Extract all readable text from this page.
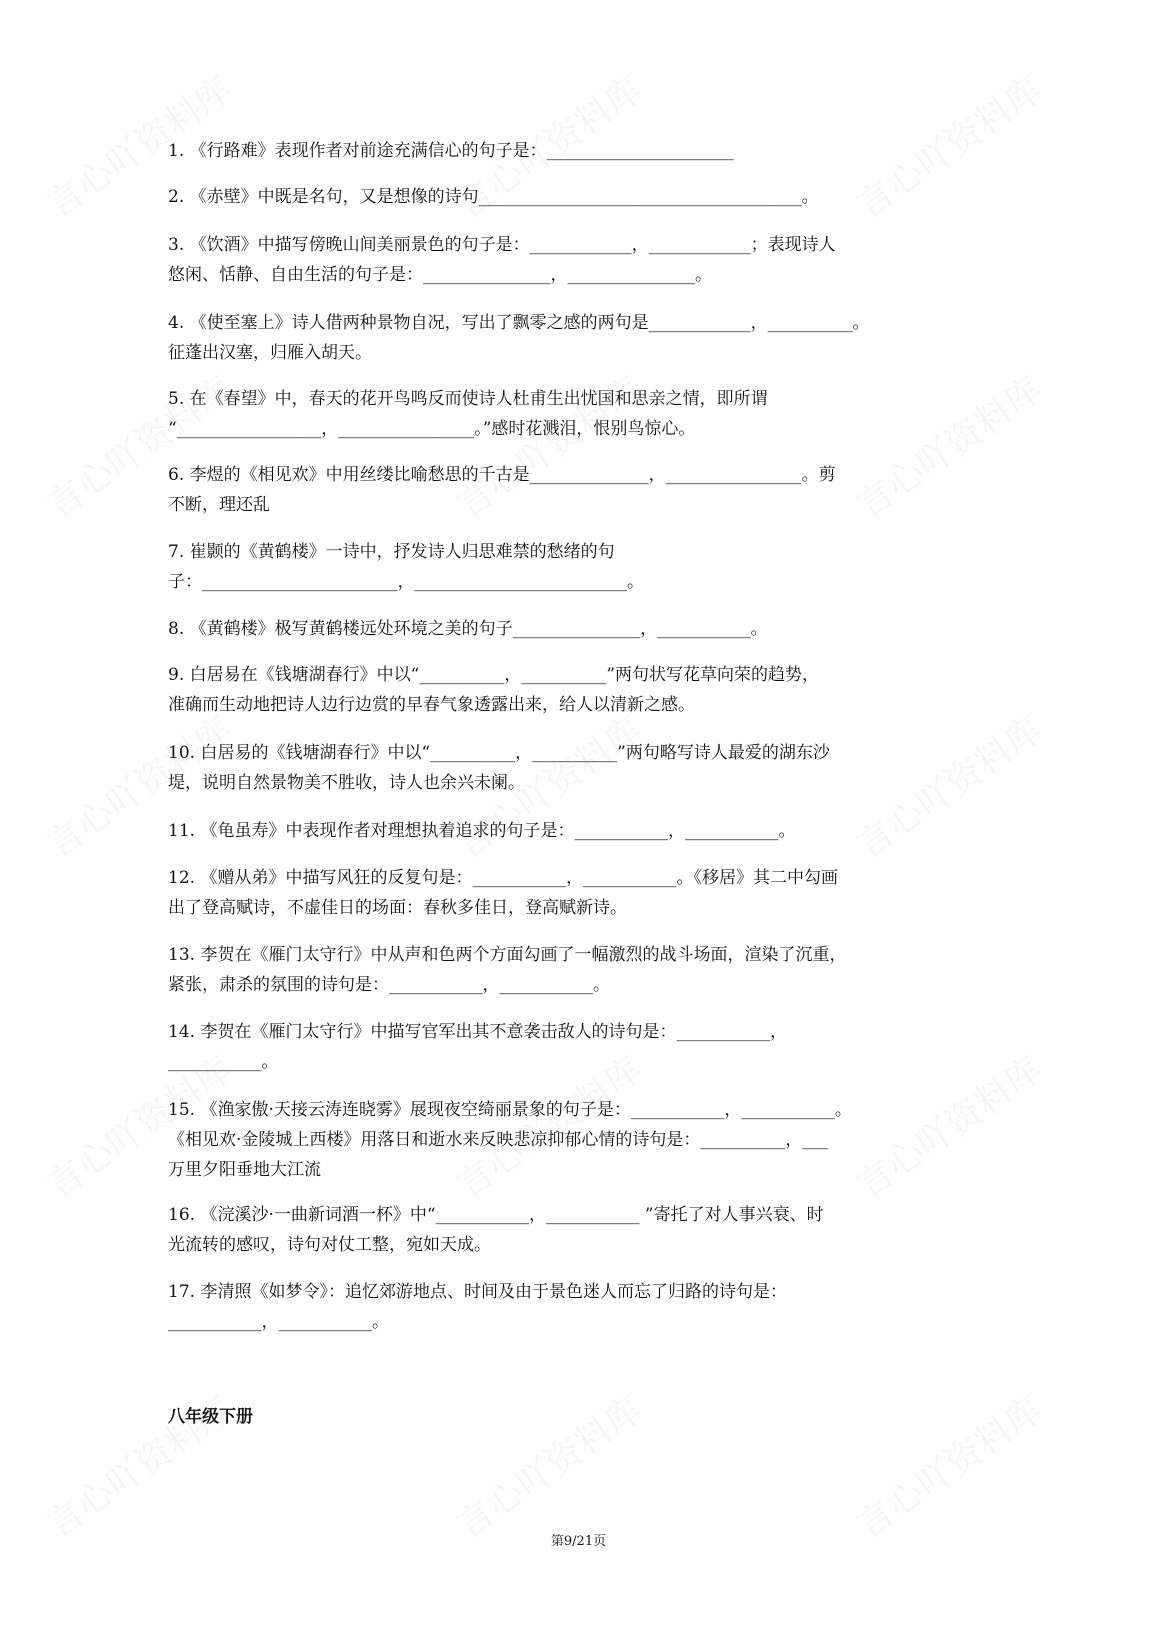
1. 《行路难》表现作者对前途充满信心的句子是：______________________
2. 《赤壁》中既是名句，又是想像的诗句______________________________________。
3. 《饮酒》中描写傍晚山间美丽景色的句子是：____________，____________；表现诗人
悠闲、恬静、自由生活的句子是：_______________，_______________。
4. 《使至塞上》诗人借两种景物自况，写出了飘零之感的两句是____________，__________。
征蓬出汉塞，归雁入胡天。
5. 在《春望》中，春天的花开鸟鸣反而使诗人杜甫生出忧国和思亲之情，即所谓
“_________________，________________。”感时花溅泪，恨别鸟惊心。
6. 李煜的《相见欢》中用丝缕比喻愁思的千古是______________，________________。剪
不断，理还乱
7. 崔颢的《黄鹤楼》一诗中，抒发诗人归思难禁的愁绪的句
子：_______________________，_________________________。
8. 《黄鹤楼》极写黄鹤楼远处环境之美的句子_______________，___________。
9. 白居易在《钱塘湖春行》中以“__________，__________”两句状写花草向荣的趋势，
准确而生动地把诗人边行边赏的早春气象透露出来，给人以清新之感。
10. 白居易的《钱塘湖春行》中以“__________，__________”两句略写诗人最爱的湖东沙
堤，说明自然景物美不胜收，诗人也余兴未阑。
11. 《龟虽寿》中表现作者对理想执着追求的句子是：___________，___________。
12. 《赠从弟》中描写风狂的反复句是：___________，___________。《移居》其二中勾画
出了登高赋诗，不虚佳日的场面：春秋多佳日，登高赋新诗。
13. 李贺在《雁门太守行》中从声和色两个方面勾画了一幅激烈的战斗场面，渲染了沉重，
紧张，肃杀的氛围的诗句是：___________，___________。
14. 李贺在《雁门太守行》中描写官军出其不意袭击敌人的诗句是：___________，
___________。
15. 《渔家傲·天接云涛连晓雾》展现夜空绮丽景象的句子是：___________，___________。
《相见欢·金陵城上西楼》用落日和逝水来反映悲凉抑郁心情的诗句是：__________，___
万里夕阳垂地大江流
16. 《浣溪沙·一曲新词酒一杯》中“___________，___________ ”寄托了对人事兴衰、时
光流转的感叹，诗句对仗工整，宛如天成。
17. 李清照《如梦令》：追忆郊游地点、时间及由于景色迷人而忘了归路的诗句是：
___________，___________。
八年级下册
第9/21页
